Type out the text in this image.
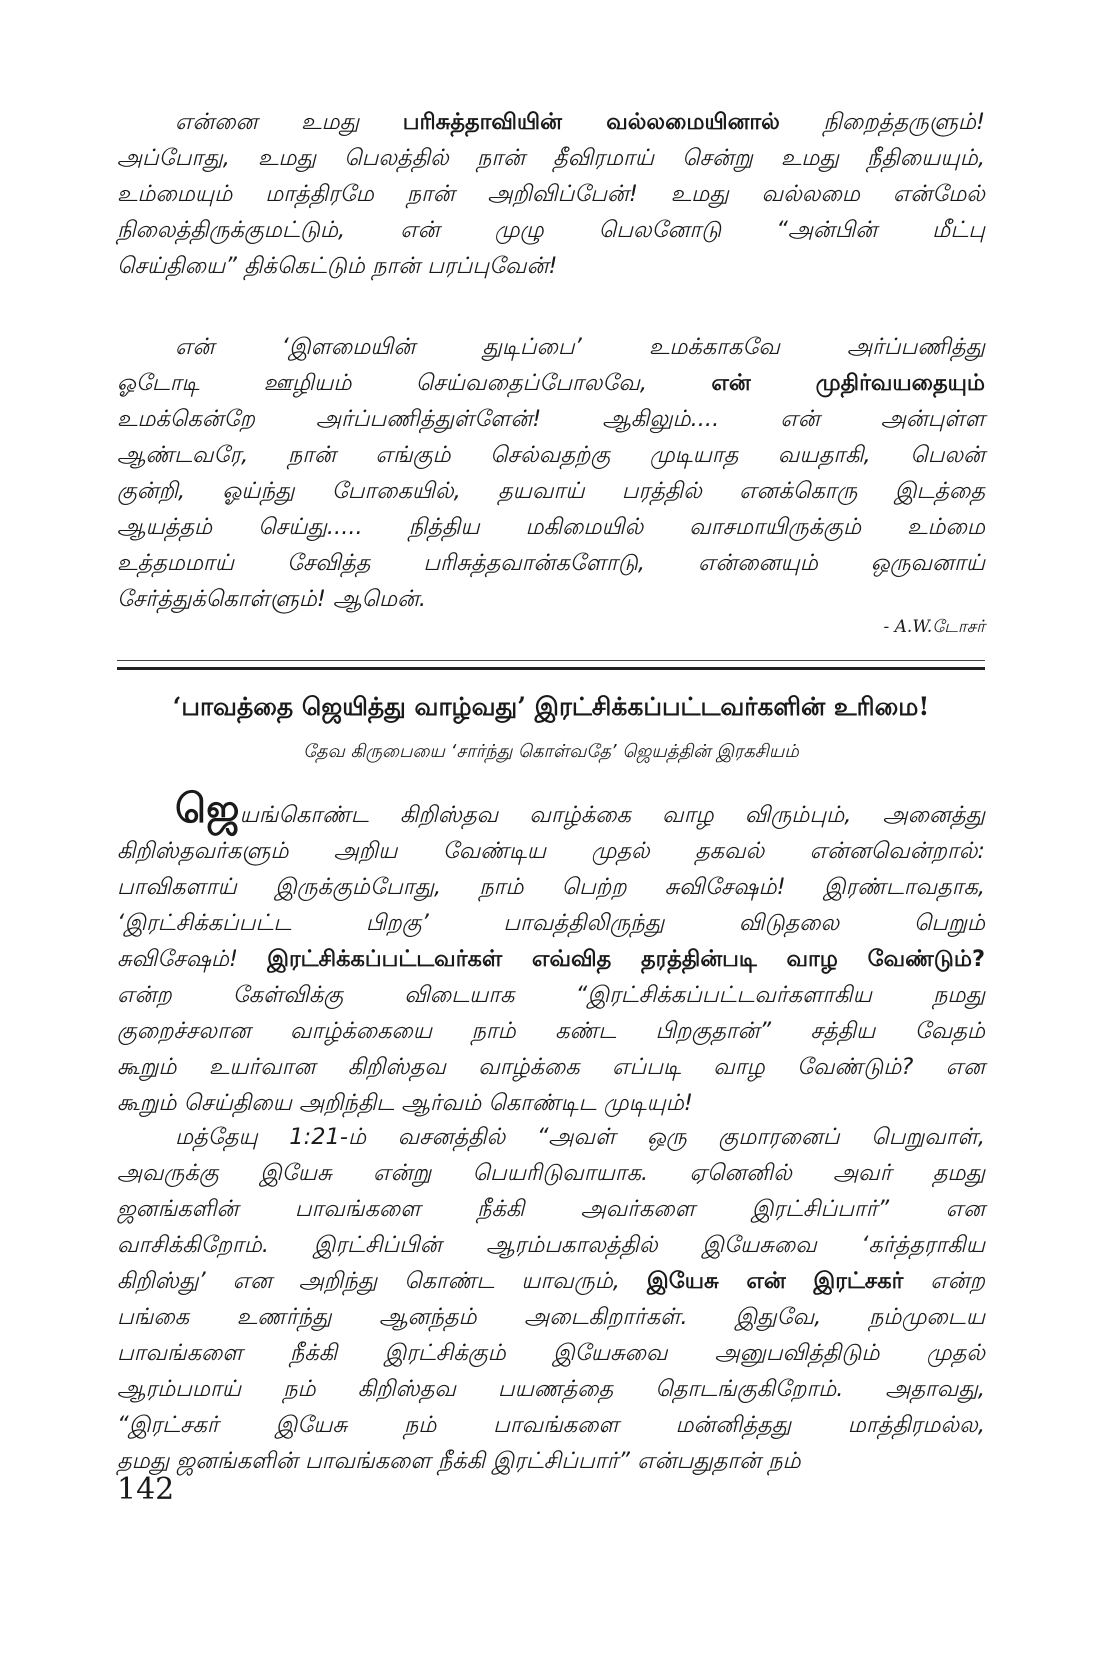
என்னை உமது பரிசுத்தாவியின் வல்லமையினால் நிறைத்தருளும்!
அப்போது, உமது பெலத்தில் நான் தீவிரமாய் சென்று உமது நீதியையும்,
உம்மையும் மாத்திரமே நான் அறிவிப்பேன்! உமது வல்லமை என்மேல்
நிலைத்திருக்குமட்டும், என் முழு பெலனோடு “அன்பின் மீட்பு
செய்தியை” திக்கெட்டும் நான் பரப்புவேன்!
என் ‘இளமையின் துடிப்பை’ உமக்காகவே அர்ப்பணித்து
ஓடோடி ஊழியம் செய்வதைப்போலவே, என் முதிர்வயதையும்
உமக்கென்றே அர்ப்பணித்துள்ளேன்! ஆகிலும்.... என் அன்புள்ள
ஆண்டவரே, நான் எங்கும் செல்வதற்கு முடியாத வயதாகி, பெலன்
குன்றி, ஓய்ந்து போகையில், தயவாய் பரத்தில் எனக்கொரு இடத்தை
ஆயத்தம் செய்து..... நித்திய மகிமையில் வாசமாயிருக்கும் உம்மை
உத்தமமாய் சேவித்த பரிசுத்தவான்களோடு, என்னையும் ஒருவனாய்
சேர்த்துக்கொள்ளும்! ஆமென்.
- A.W.டோசர்
‘பாவத்தை ஜெயித்து வாழ்வது’ இரட்சிக்கப்பட்டவர்களின் உரிமை!
தேவ கிருபையை ‘சார்ந்து கொள்வதே’ ஜெயத்தின் இரகசியம்
ஜெயங்கொண்ட கிறிஸ்தவ வாழ்க்கை வாழ விரும்பும், அனைத்து
கிறிஸ்தவர்களும் அறிய வேண்டிய முதல் தகவல் என்னவென்றால்:
பாவிகளாய் இருக்கும்போது, நாம் பெற்ற சுவிசேஷம்! இரண்டாவதாக,
‘இரட்சிக்கப்பட்ட பிறகு’ பாவத்திலிருந்து விடுதலை பெறும்
சுவிசேஷம்! இரட்சிக்கப்பட்டவர்கள் எவ்வித தரத்தின்படி வாழ வேண்டும்?
என்ற கேள்விக்கு விடையாக “இரட்சிக்கப்பட்டவர்களாகிய நமது
குறைச்சலான வாழ்க்கையை நாம் கண்ட பிறகுதான்” சத்திய வேதம்
கூறும் உயர்வான கிறிஸ்தவ வாழ்க்கை எப்படி வாழ வேண்டும்? என
கூறும் செய்தியை அறிந்திட ஆர்வம் கொண்டிட முடியும்!
மத்தேயு 1:21-ம் வசனத்தில் “அவள் ஒரு குமாரனைப் பெறுவாள்,
அவருக்கு இயேசு என்று பெயரிடுவாயாக. ஏனெனில் அவர் தமது
ஜனங்களின் பாவங்களை நீக்கி அவர்களை இரட்சிப்பார்” என
வாசிக்கிறோம். இரட்சிப்பின் ஆரம்பகாலத்தில் இயேசுவை ‘கர்த்தராகிய
கிறிஸ்து’ என அறிந்து கொண்ட யாவரும், இயேசு என் இரட்சகர் என்ற
பங்கை உணர்ந்து ஆனந்தம் அடைகிறார்கள். இதுவே, நம்முடைய
பாவங்களை நீக்கி இரட்சிக்கும் இயேசுவை அனுபவித்திடும் முதல்
ஆரம்பமாய் நம் கிறிஸ்தவ பயணத்தை தொடங்குகிறோம். அதாவது,
“இரட்சகர் இயேசு நம் பாவங்களை மன்னித்தது மாத்திரமல்ல,
தமது ஜனங்களின் பாவங்களை நீக்கி இரட்சிப்பார்” என்பதுதான் நம்
142
